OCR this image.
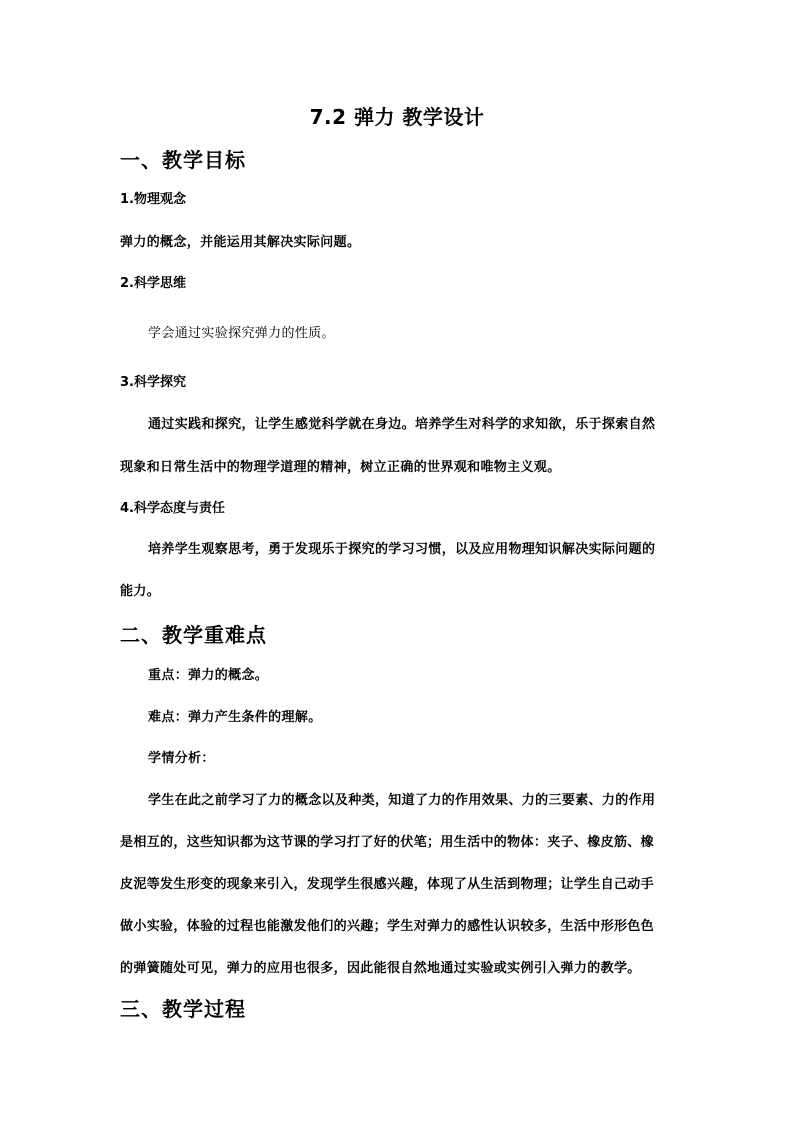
7.2 弹力 教学设计
一、教学目标
1.物理观念
弹力的概念，并能运用其解决实际问题。
2.科学思维
学会通过实验探究弹力的性质。
3.科学探究
通过实践和探究，让学生感觉科学就在身边。培养学生对科学的求知欲，乐于探索自然
现象和日常生活中的物理学道理的精神，树立正确的世界观和唯物主义观。
4.科学态度与责任
培养学生观察思考，勇于发现乐于探究的学习习惯，以及应用物理知识解决实际问题的
能力。
二、教学重难点
重点：弹力的概念。
难点：弹力产生条件的理解。
学情分析：
学生在此之前学习了力的概念以及种类，知道了力的作用效果、力的三要素、力的作用
是相互的，这些知识都为这节课的学习打了好的伏笔；用生活中的物体：夹子、橡皮筋、橡
皮泥等发生形变的现象来引入，发现学生很感兴趣，体现了从生活到物理；让学生自己动手
做小实验，体验的过程也能激发他们的兴趣；学生对弹力的感性认识较多，生活中形形色色
的弹簧随处可见，弹力的应用也很多，因此能很自然地通过实验或实例引入弹力的教学。
三、教学过程
